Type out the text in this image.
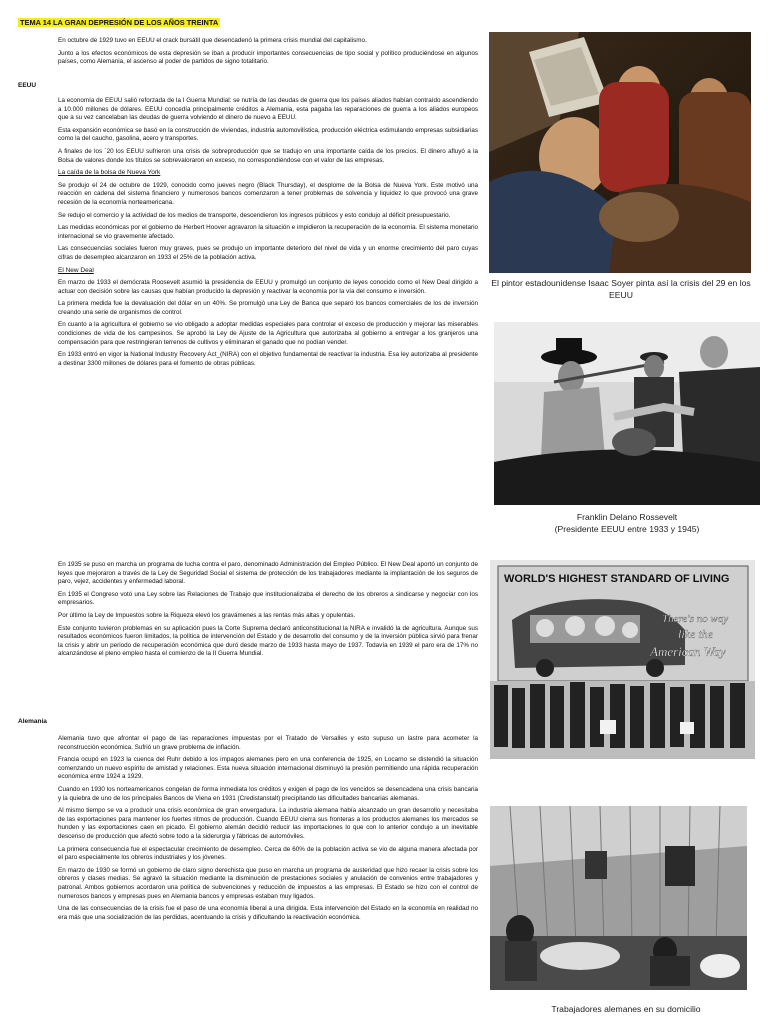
TEMA 14 LA GRAN DEPRESIÓN DE LOS AÑOS TREINTA
EEUU
Alemania

En octubre de 1929 tuvo en EEUU el crack bursátil que desencadenó la primera crisis mundial del capitalismo.

Junto a los efectos económicos de esta depresión se iban a producir importantes consecuencias de tipo social y político produciéndose en algunos países, como Alemania, el ascenso al poder de partidos de signo totalitario.

La economía de EEUU salió reforzada de la I Guerra Mundial: se nutría de las deudas de guerra que los países aliados habían contraído ascendiendo a 10.000 millones de dólares. EEUU concedía principalmente créditos a Alemania, esta pagaba las reparaciones de guerra a los aliados europeos que a su vez cancelaban las deudas de guerra volviendo el dinero de nuevo a EEUU.

Esta expansión económica se basó en la construcción de viviendas, industria automovilística, producción eléctrica estimulando empresas subsidiarias como la del caucho, gasolina, acero y transportes.

A finales de los ´20 los EEUU sufrieron una crisis de sobreproducción que se tradujo en una importante caída de los precios. El dinero afluyó a la Bolsa de valores donde los títulos se sobrevaloraron en exceso, no correspondiéndose con el valor de las empresas.

La caída de la bolsa de Nueva York

Se produjo el 24 de octubre de 1929, conocido como jueves negro (Black Thursday), el desplome de la Bolsa de Nueva York. Este motivó una reacción en cadena del sistema financiero y numerosos bancos comenzaron a tener problemas de solvencia y liquidez lo que provocó una grave recesión de la economía norteamericana.

Se redujo el comercio y la actividad de los medios de transporte, descendieron los ingresos públicos y esto condujo al déficit presupuestario.

Las medidas económicas por el gobierno de Herbert Hoover agravaron la situación e impidieron la recuperación de la economía. El sistema monetario internacional se vio gravemente afectado.

Las consecuencias sociales fueron muy graves, pues se produjo un importante deterioro del nivel de vida y un enorme crecimiento del paro cuyas cifras de desempleo alcanzaron en 1933 el 25% de la población activa.

El New Deal

En marzo de 1933 el demócrata Roosevelt asumió la presidencia de EEUU y promulgó un conjunto de leyes conocido como el New Deal dirigido a actuar con decisión sobre las causas que habían producido la depresión y reactivar la economía por la vía del consumo e inversión.

La primera medida fue la devaluación del dólar en un 40%. Se promulgó una Ley de Banca que separó los bancos comerciales de los de inversión creando una serie de organismos de control.

En cuanto a la agricultura el gobierno se vio obligado a adoptar medidas especiales para controlar el exceso de producción y mejorar las miserables condiciones de vida de los campesinos. Se aprobó la Ley de Ajuste de la Agricultura que autorizaba al gobierno a entregar a los granjeros una compensación para que restringieran terrenos de cultivos y eliminaran el ganado que no podían vender.

En 1933 entró en vigor la National Industry Recovery Act_(NIRA) con el objetivo fundamental de reactivar la industria. Esa ley autorizaba al presidente a destinar 3300 millones de dólares para el fomento de obras públicas.

En 1935 se puso en marcha un programa de lucha contra el paro, denominado Administración del Empleo Público. El New Deal aportó un conjunto de leyes que mejoraron a través de la Ley de Seguridad Social el sistema de protección de los trabajadores mediante la implantación de los seguros de paro, vejez, accidentes y enfermedad laboral.

En 1935 el Congreso votó una Ley sobre las Relaciones de Trabajo que institucionalizaba el derecho de los obreros a sindicarse y negociar con los empresarios.

Por último la Ley de Impuestos sobre la Riqueza elevó los gravámenes a las rentas más altas y opulentas.

Este conjunto tuvieron problemas en su aplicación pues la Corte Suprema declaró anticonstitucional la NIRA e invalidó la de agricultura. Aunque sus resultados económicos fueron limitados, la política de intervención del Estado y de desarrollo del consumo y de la inversión pública sirvió para frenar la crisis y abrir un periodo de recuperación económica que duró desde marzo de 1933 hasta mayo de 1937. Todavía en 1939 el paro era de 17% no alcanzándose el pleno empleo hasta el comienzo de la II Guerra Mundial.

Alemania tuvo que afrontar el pago de las reparaciones impuestas por el Tratado de Versalles y esto supuso un lastre para acometer la reconstrucción económica. Sufrió un grave problema de inflación.

Francia ocupó en 1923 la cuenca del Ruhr debido a los impagos alemanes pero en una conferencia de 1925, en Locarno se distendió la situación comenzando un nuevo espíritu de amistad y relaciones. Esta nueva situación internacional disminuyó la presión permitiendo una rápida recuperación económica entre 1924 a 1929.

Cuando en 1930 los norteamericanos congelan de forma inmediata los créditos y exigen el pago de los vencidos se desencadena una crisis bancaria y la quiebra de uno de los principales Bancos de Viena en 1931 (Credistanstalt) precipitando las dificultades bancarias alemanas.

Al mismo tiempo se va a producir una crisis económica de gran envergadura. La industria alemana había alcanzado un gran desarrollo y necesitaba de las exportaciones para mantener los fuertes ritmos de producción. Cuando EEUU cierra sus fronteras a los productos alemanes los mercados se hunden y las exportaciones caen en picado. El gobierno alemán decidió reducir las importaciones lo que con lo anterior condujo a un inevitable descenso de producción que afectó sobre todo a la siderurgia y fábricas de automóviles.

La primera consecuencia fue el espectacular crecimiento de desempleo. Cerca de 60% de la población activa se vio de alguna manera afectada por el paro especialmente los obreros industriales y los jóvenes.

En marzo de 1930 se formó un gobierno de claro signo derechista que puso en marcha un programa de austeridad que hizo recaer la crisis sobre los obreros y clases medias. Se agravó la situación mediante la disminución de prestaciones sociales y anulación de convenios entre trabajadores y patronal. Ambos gobiernos acordaron una política de subvenciones y reducción de impuestos a las empresas. El Estado se hizo con el control de numerosos bancos y empresas pues en Alemania bancos y empresas estaban muy ligados.

Una de las consecuencias de la crisis fue el paso de una economía liberal a una dirigida. Esta intervención del Estado en la economía en realidad no era más que una socialización de las perdidas, acentuando la crisis y dificultando la reactivación económica.

El pintor estadounidense Isaac Soyer pinta así la crisis del 29 en los EEUU
Franklin Delano Rossevelt
(Presidente EEUU entre 1933 y 1945)
WORLD'S HIGHEST STANDARD OF LIVING
There's no way
like the
American Way
Trabajadores alemanes en su domicilio
